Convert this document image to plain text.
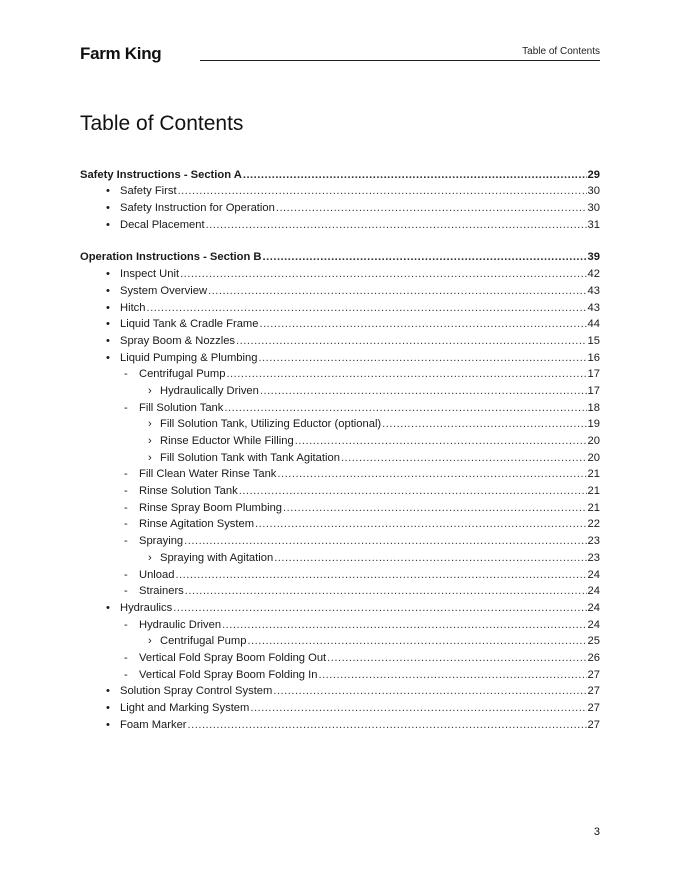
Farm King	Table of Contents
Table of Contents
Safety Instructions - Section A .....	29
• Safety First .....	30
• Safety Instruction for Operation .....	30
• Decal Placement .....	31
Operation Instructions - Section B .....	39
• Inspect Unit .....	42
• System Overview .....	43
• Hitch .....	43
• Liquid Tank & Cradle Frame .....	44
• Spray Boom & Nozzles .....	15
• Liquid Pumping & Plumbing .....	16
-	Centrifugal Pump .....	17
› Hydraulically Driven .....	17
-	Fill Solution Tank .....	18
› Fill Solution Tank, Utilizing Eductor (optional) .....	19
› Rinse Eductor While Filling .....	20
› Fill Solution Tank with Tank Agitation .....	20
-	Fill Clean Water Rinse Tank .....	21
-	Rinse Solution Tank .....	21
-	Rinse Spray Boom Plumbing .....	21
-	Rinse Agitation System .....	22
-	Spraying .....	23
› Spraying with Agitation .....	23
-	Unload .....	24
-	Strainers .....	24
• Hydraulics .....	24
-	Hydraulic Driven .....	24
› Centrifugal Pump .....	25
-	Vertical Fold Spray Boom Folding Out .....	26
-	Vertical Fold Spray Boom Folding In .....	27
• Solution Spray Control System .....	27
• Light and Marking System .....	27
• Foam Marker .....	27
3
